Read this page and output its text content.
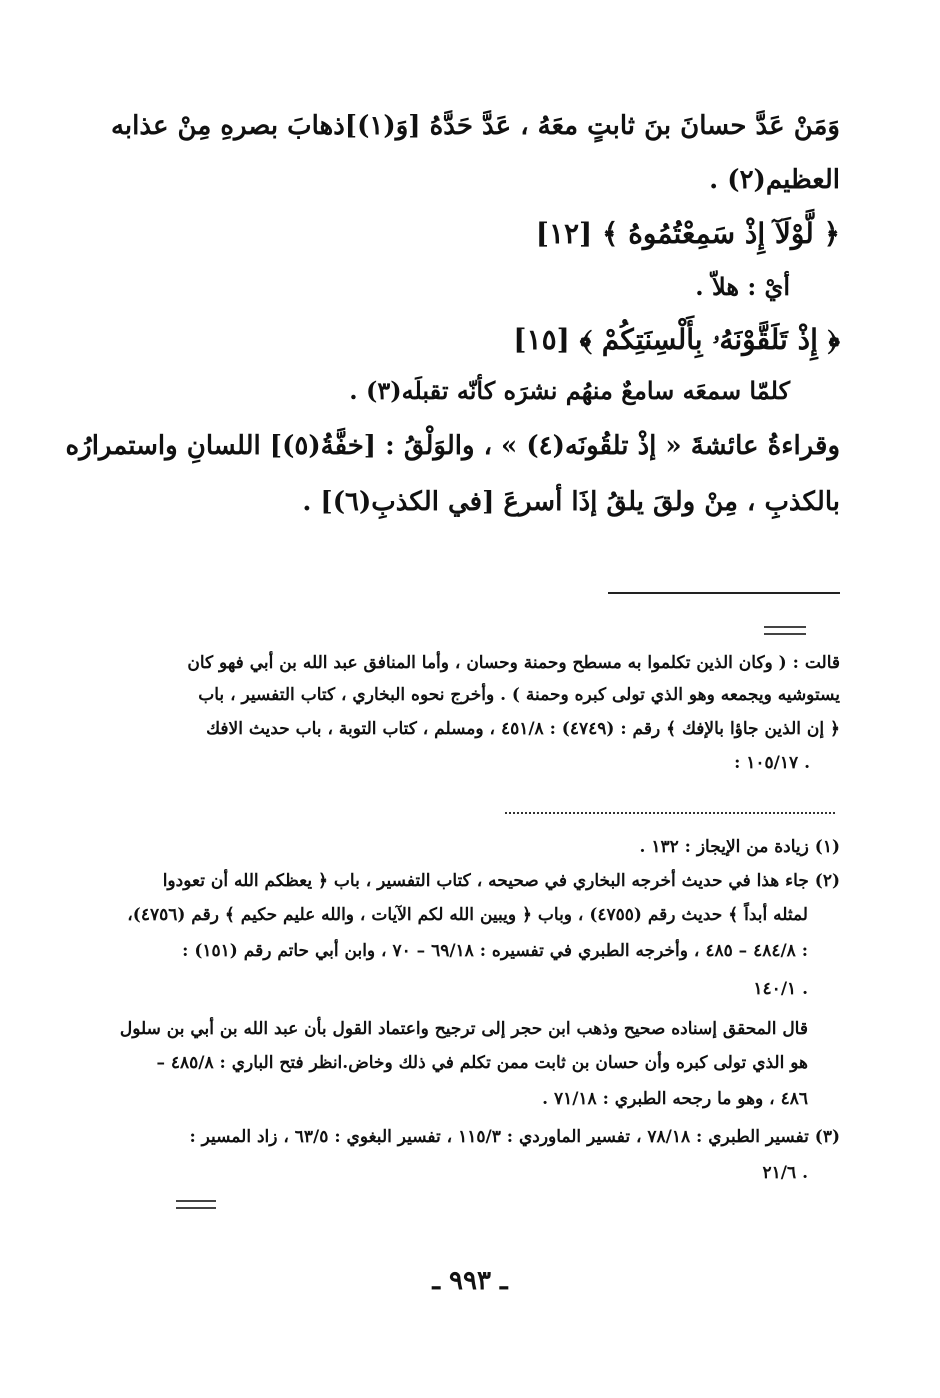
وَمَنْ عَدَّ حسانَ بنَ ثابتٍ معَهُ ، عَدَّ حَدَّهُ [وَ(١)]ذهابَ بصرهِ مِنْ عذابه
العظيم(٢) .
﴿ لَّوْلَآ إِذْ سَمِعْتُمُوهُ ﴾ [١٢]
أيْ : هلاّ .
﴿ إِذْ تَلَقَّوْنَهُۥ بِأَلْسِنَتِكُمْ ﴾ [١٥]
كلمّا سمعَه سامعٌ منهُم نشرَه كأنّه تقبلَه(٣) .
وقراءةُ عائشةَ « إذْ تلقُونَه(٤) » ، والوَلْقُ : [خفَّةُ(٥)] اللسانِ واستمرارُه
بالكذبِ ، مِنْ ولقَ يلقُ إذَا أسرعَ [في الكذبِ(٦)] .
قالت : ( وكان الذين تكلموا به مسطح وحمنة وحسان ، وأما المنافق عبد الله بن أبي فهو كان
يستوشيه ويجمعه وهو الذي تولى كبره وحمنة ) . وأخرج نحوه البخاري ، كتاب التفسير ، باب
﴿ إن الذين جاؤا بالإفك ﴾ رقم : (٤٧٤٩) : ٤٥١/٨ ، ومسلم ، كتاب التوبة ، باب حديث الافك
: ١٠٥/١٧ .
(١) زيادة من الإيجاز : ١٣٢ .
(٢) جاء هذا في حديث أخرجه البخاري في صحيحه ، كتاب التفسير ، باب ﴿ يعظكم الله أن تعودوا
لمثله أبداً ﴾ حديث رقم (٤٧٥٥) ، وباب ﴿ ويبين الله لكم الآيات ، والله عليم حكيم ﴾ رقم (٤٧٥٦)،
: ٤٨٤/٨ – ٤٨٥ ، وأخرجه الطبري في تفسيره : ٦٩/١٨ – ٧٠ ، وابن أبي حاتم رقم (١٥١) :
١٤٠/١ .
قال المحقق إسناده صحيح وذهب ابن حجر إلى ترجيح واعتماد القول بأن عبد الله بن أبي بن سلول
هو الذي تولى كبره وأن حسان بن ثابت ممن تكلم في ذلك وخاض.انظر فتح الباري : ٤٨٥/٨ –
٤٨٦ ، وهو ما رجحه الطبري : ٧١/١٨ .
(٣) تفسير الطبري : ٧٨/١٨ ، تفسير الماوردي : ١١٥/٣ ، تفسير البغوي : ٦٣/٥ ، زاد المسير :
٢١/٦ .
ـ ٩٩٣ ـ
